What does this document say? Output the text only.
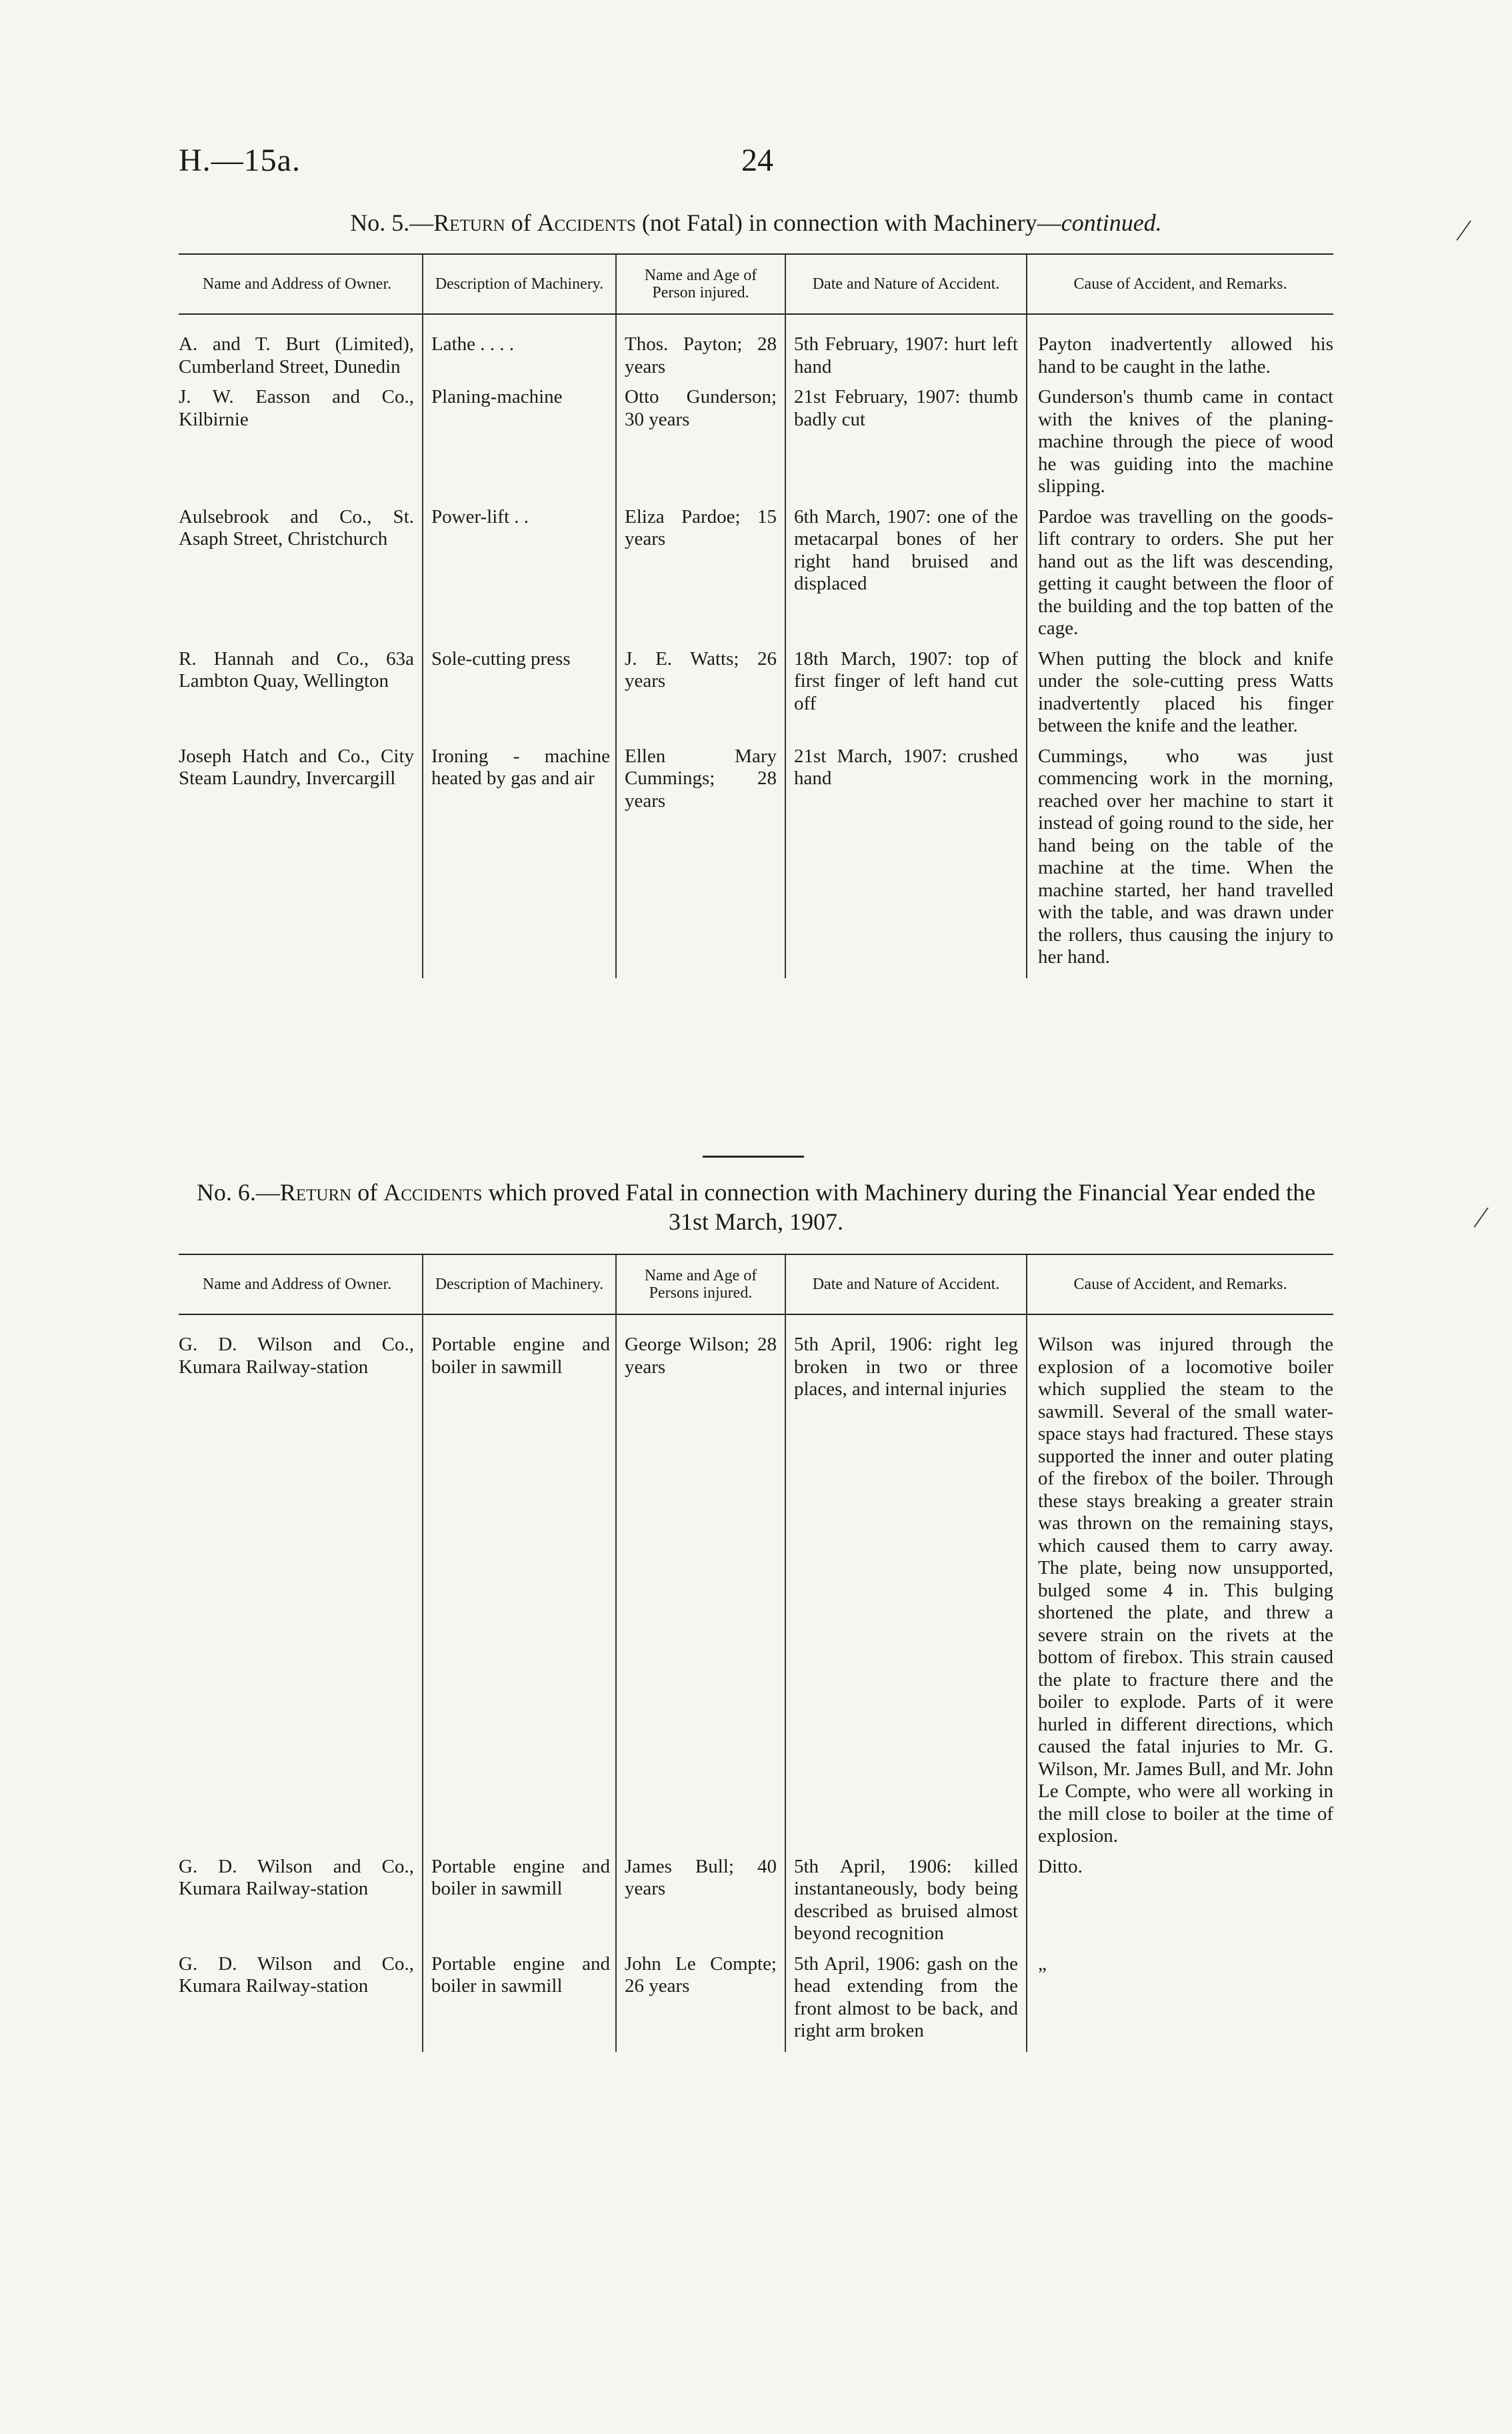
H.—15a.	24
No. 5.—Return of Accidents (not Fatal) in connection with Machinery—continued.
Name and Address of Owner.	Description of Machinery.	Name and Age of Person injured.	Date and Nature of Accident.	Cause of Accident, and Remarks.

A. and T. Burt (Limited), Cumberland Street, Dunedin	Lathe . . . .	Thos. Payton; 28 years	5th February, 1907: hurt left hand	Payton inadvertently allowed his hand to be caught in the lathe.
J. W. Easson and Co., Kilbirnie	Planing-machine	Otto Gunderson; 30 years	21st February, 1907: thumb badly cut	Gunderson's thumb came in contact with the knives of the planing-machine through the piece of wood he was guiding into the machine slipping.
Aulsebrook and Co., St. Asaph Street, Christchurch	Power-lift . .	Eliza Pardoe; 15 years	6th March, 1907: one of the metacarpal bones of her right hand bruised and displaced	Pardoe was travelling on the goods-lift contrary to orders. She put her hand out as the lift was descending, getting it caught between the floor of the building and the top batten of the cage.
R. Hannah and Co., 63a Lambton Quay, Wellington	Sole-cutting press	J. E. Watts; 26 years	18th March, 1907: top of first finger of left hand cut off	When putting the block and knife under the sole-cutting press Watts inadvertently placed his finger between the knife and the leather.
Joseph Hatch and Co., City Steam Laundry, Invercargill	Ironing - machine heated by gas and air	Ellen Mary Cummings; 28 years	21st March, 1907: crushed hand	Cummings, who was just commencing work in the morning, reached over her machine to start it instead of going round to the side, her hand being on the table of the machine at the time. When the machine started, her hand travelled with the table, and was drawn under the rollers, thus causing the injury to her hand.
No. 6.—Return of Accidents which proved Fatal in connection with Machinery during the Financial Year ended the 31st March, 1907.
Name and Address of Owner.	Description of Machinery.	Name and Age of Persons injured.	Date and Nature of Accident.	Cause of Accident, and Remarks.

G. D. Wilson and Co., Kumara Railway-station	Portable engine and boiler in sawmill	George Wilson; 28 years	5th April, 1906: right leg broken in two or three places, and internal injuries	Wilson was injured through the explosion of a locomotive boiler which supplied the steam to the sawmill. Several of the small water-space stays had fractured. These stays supported the inner and outer plating of the firebox of the boiler. Through these stays breaking a greater strain was thrown on the remaining stays, which caused them to carry away. The plate, being now unsupported, bulged some 4 in. This bulging shortened the plate, and threw a severe strain on the rivets at the bottom of firebox. This strain caused the plate to fracture there and the boiler to explode. Parts of it were hurled in different directions, which caused the fatal injuries to Mr. G. Wilson, Mr. James Bull, and Mr. John Le Compte, who were all working in the mill close to boiler at the time of explosion.
G. D. Wilson and Co., Kumara Railway-station	Portable engine and boiler in sawmill	James Bull; 40 years	5th April, 1906: killed instantaneously, body being described as bruised almost beyond recognition	Ditto.
G. D. Wilson and Co., Kumara Railway-station	Portable engine and boiler in sawmill	John Le Compte; 26 years	5th April, 1906: gash on the head extending from the front almost to be back, and right arm broken	„
⁄
⁄
